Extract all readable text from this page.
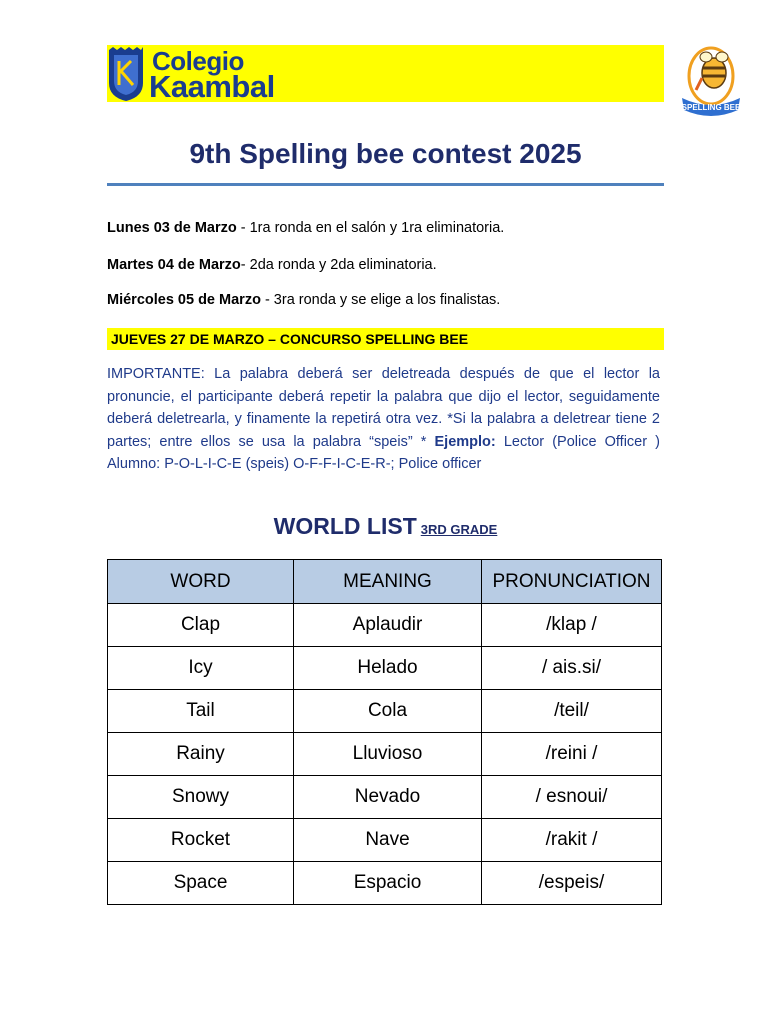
Colegio
Kaambal
SPELLING BEE
9th Spelling bee contest 2025

Lunes 03 de Marzo - 1ra ronda en el salón y 1ra eliminatoria.

Martes 04 de Marzo- 2da ronda y 2da eliminatoria.

Miércoles 05 de Marzo - 3ra ronda y se elige a los finalistas.

JUEVES 27 DE MARZO – CONCURSO SPELLING BEE

IMPORTANTE: La palabra deberá ser deletreada después de que el lector la pronuncie, el participante deberá repetir la palabra que dijo el lector, seguidamente deberá deletrearla, y finamente la repetirá otra vez. *Si la palabra a deletrear tiene 2 partes; entre ellos se usa la palabra “speis” * Ejemplo: Lector (Police Officer ) Alumno: P-O-L-I-C-E (speis) O-F-F-I-C-E-R-; Police officer

WORLD LIST 3RD GRADE
WORD	MEANING	PRONUNCIATION
Clap	Aplaudir	/klap /
Icy	Helado	/ ais.si/
Tail	Cola	/teil/
Rainy	Lluvioso	/reini /
Snowy	Nevado	/ esnoui/
Rocket	Nave	/rakit /
Space	Espacio	/espeis/
